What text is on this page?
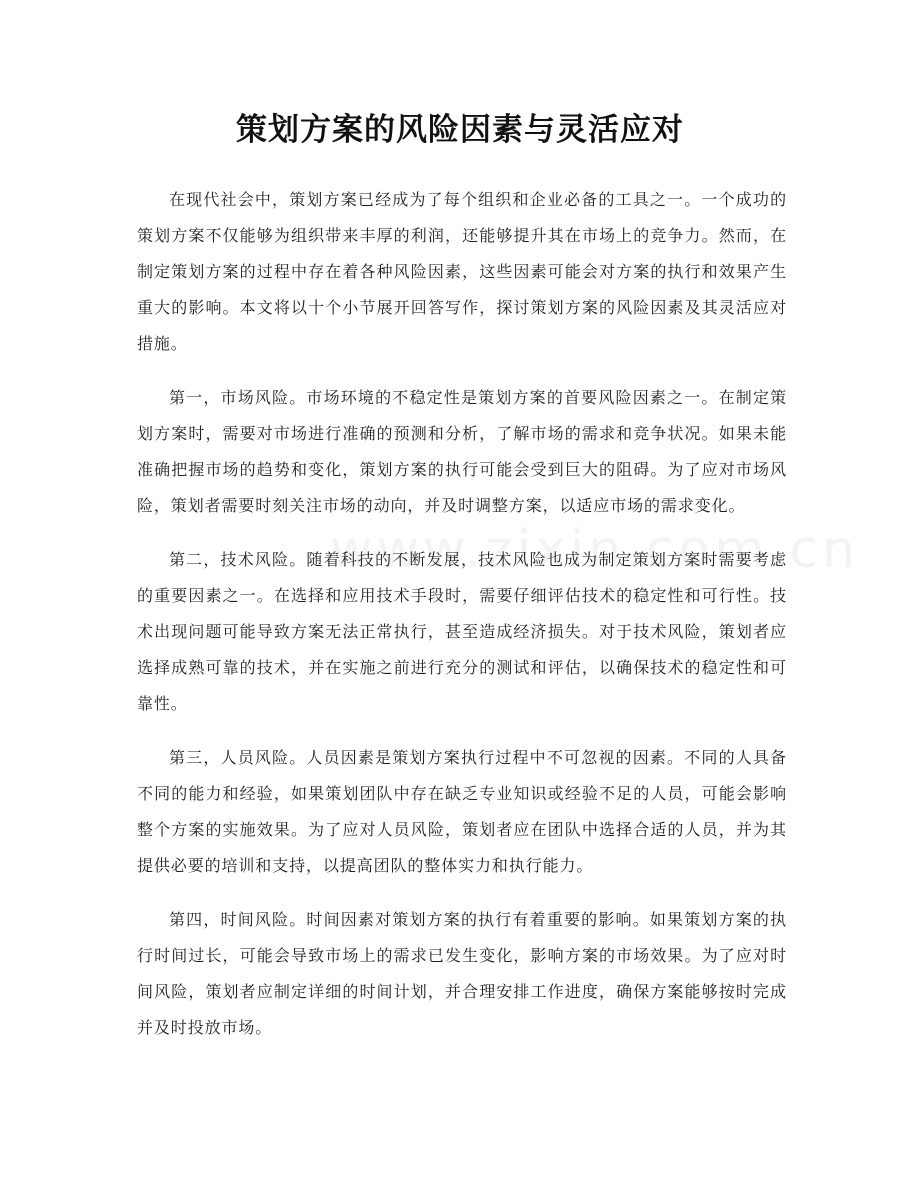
策划方案的风险因素与灵活应对

在现代社会中，策划方案已经成为了每个组织和企业必备的工具之一。一个成功的策划方案不仅能够为组织带来丰厚的利润，还能够提升其在市场上的竞争力。然而，在制定策划方案的过程中存在着各种风险因素，这些因素可能会对方案的执行和效果产生重大的影响。本文将以十个小节展开回答写作，探讨策划方案的风险因素及其灵活应对措施。

第一，市场风险。市场环境的不稳定性是策划方案的首要风险因素之一。在制定策划方案时，需要对市场进行准确的预测和分析，了解市场的需求和竞争状况。如果未能准确把握市场的趋势和变化，策划方案的执行可能会受到巨大的阻碍。为了应对市场风险，策划者需要时刻关注市场的动向，并及时调整方案，以适应市场的需求变化。

第二，技术风险。随着科技的不断发展，技术风险也成为制定策划方案时需要考虑的重要因素之一。在选择和应用技术手段时，需要仔细评估技术的稳定性和可行性。技术出现问题可能导致方案无法正常执行，甚至造成经济损失。对于技术风险，策划者应选择成熟可靠的技术，并在实施之前进行充分的测试和评估，以确保技术的稳定性和可靠性。

第三，人员风险。人员因素是策划方案执行过程中不可忽视的因素。不同的人具备不同的能力和经验，如果策划团队中存在缺乏专业知识或经验不足的人员，可能会影响整个方案的实施效果。为了应对人员风险，策划者应在团队中选择合适的人员，并为其提供必要的培训和支持，以提高团队的整体实力和执行能力。

第四，时间风险。时间因素对策划方案的执行有着重要的影响。如果策划方案的执行时间过长，可能会导致市场上的需求已发生变化，影响方案的市场效果。为了应对时间风险，策划者应制定详细的时间计划，并合理安排工作进度，确保方案能够按时完成并及时投放市场。
